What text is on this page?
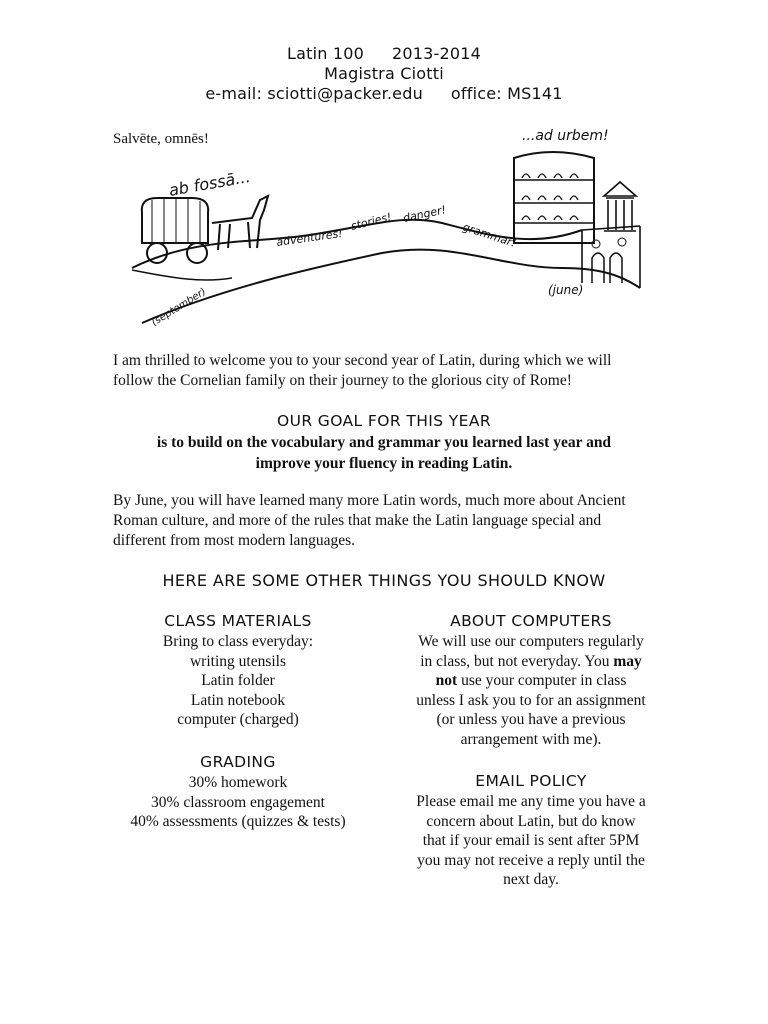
Latin 100 2013-2014
Magistra Ciotti
e-mail: sciotti@packer.edu office: MS141
Salvēte, omnēs!
ab fossā...
adventures!
stories! danger!
grammar!
(september)	(june)
...ad urbem!
I am thrilled to welcome you to your second year of Latin, during which we will follow the Cornelian family on their journey to the glorious city of Rome!
OUR GOAL FOR THIS YEAR
is to build on the vocabulary and grammar you learned last year and
improve your fluency in reading Latin.
By June, you will have learned many more Latin words, much more about Ancient Roman culture, and more of the rules that make the Latin language special and different from most modern languages.
HERE ARE SOME OTHER THINGS YOU SHOULD KNOW
CLASS MATERIALS
Bring to class everyday:
writing utensils
Latin folder
Latin notebook
computer (charged)
GRADING
30% homework
30% classroom engagement
40% assessments (quizzes & tests)
ABOUT COMPUTERS
We will use our computers regularly
in class, but not everyday. You may
not use your computer in class
unless I ask you to for an assignment
(or unless you have a previous
arrangement with me).
EMAIL POLICY
Please email me any time you have a
concern about Latin, but do know
that if your email is sent after 5PM
you may not receive a reply until the
next day.
